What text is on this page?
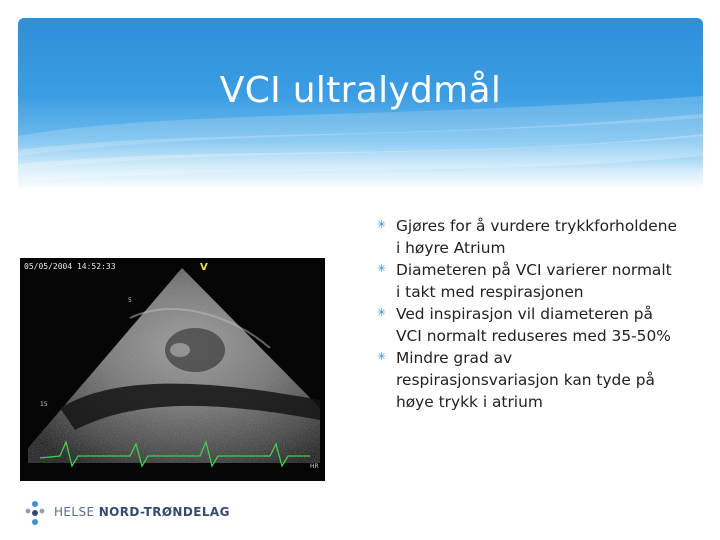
VCI ultralydmål
✳ Gjøres for å vurdere trykkforholdene i høyre Atrium
✳ Diameteren på VCI varierer normalt i takt med respirasjonen
✳ Ved inspirasjon vil diameteren på VCI normalt reduseres med 35-50%
✳ Mindre grad av respirasjonsvariasjon kan tyde på høye trykk i atrium
15
5
HR
05/05/2004 14:52:33	V
HELSE NORD-TRØNDELAG
